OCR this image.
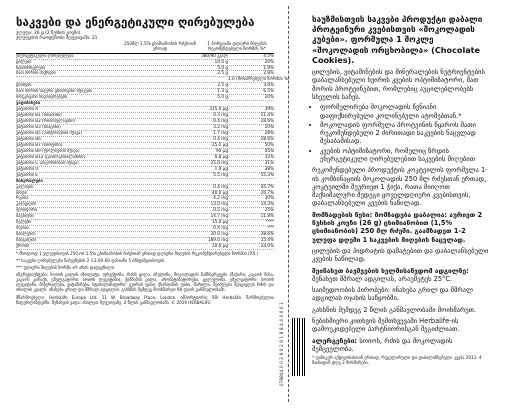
საკვები და ენერგეტიკული ღირებულება
ულუფა: 26 g (2 ნუსხის კოვზი)
ულუფების რაოდენობა შეფუთვაში: 21
250მლ 1.5% ცხიმიანობის რძესთან ერთად
1 პორციაში დღიური მიღების რეკომენდებული ნორმის %*
ენერგეტიკული ღირებულება	380/90 კკალ	4.5%
ცილები	10.0 g	20%
ნახშირწყლები	5.0 g	1.9%
მათ შორის შაქრები	2.5 g	2.8%
1.0 (მოსაზრებული ნორმის %)
ცხიმები	2.5 g	3.6%
მათ შორის ნაჯერი ცხიმოვანი მჟავები	1.3 g	6.5%
ბოჭკოვანი ნივთიერებები	5.0 g	20%
ვიტამინები
ვიტამინი A	315.0 μg	39%
ვიტამინი B1 (თიამინი)	0.3 mg	21.4%
ვიტამინი B2 (რიბოფლავინი)	0.4 mg	28.6%
ვიტამინი B3 (ნიაცინი)	3.2 mg	20%
ვიტამინი B5 (პანტოთენის მჟავა)	1.7 mg	28%
ვიტამინი B6	0.4 mg	28.6%
ვიტამინი B7 (ბიოტინი)	25.0 μg	50%
ვიტამინი B9 (ფოლიუმის მჟავა)	90 μg	45%
ვიტამინი B12 (ციანოკობალამინი)	0.8 μg	32%
ვიტამინი C (ასკორბინის მჟავა)	25.0 mg	31%
ვიტამინი D	1.9 μg	38%
ვიტამინი E	5.5 mg	55.3%
მინერალები
კალიუმი	0.4 mg	45.7%
იოდი	40.0 μg	26.7%
რკინა	4.2 mg	30%
კალციუმი	13.0 mg	14.3%
ფოსფორი	0.5 mg	25%
მაგნიუმი	14.7 mg	11.8%
სელენი	15.0 μg	****
თუთია	0.4 mg	***
სპილენძი	20.0 mg	28.6%
მანგანუმი	189.0 mg	15.4%
ქრომი	10.0 μg	24.0%
* მხოლოდ 1 ულუფისთვის 250 ml 1.5% ცხიმიანობის რძესთან ერთად დღიური მიღების რეკომენდირებული ნორმის (მ.ნ.)
** საკვები ღირებულება ნაჩვენების 2 ჰ.2.00-00 ფასიანი 5 ინსტანციისთვის.
*** დღიური მიღების ნორმა არ არის დადგენილი.
ინგრედიენტები: სოიოს ცილის იზოლატი, ფრუქტოზა, რძის ცილა, ინულინი, შოკოლადის ნამსხვრევები (შაქარი, კაკაოს მასა, კაკაოს კარაქი, ემულგატორი: სოიოს ლეციტინი), ქიშმიშის ცილა, არომატიზატორები, ცელულოზა, ემულგატორი: სოიოს ლეციტინი, მინერალები, ვიტამინები, სტაბილიზატორი: გუარის ფისი, ქსანთანის ფისი, მარილი. შეიძლება შეიცავდეს რძის და თხილის კვალს. ინახება გრილ და მშრალ ადგილას. გახსნის შემდეგ მოიხმარეთ 90 დღის განმავლობაში.
მწარმოებელი: Herbalife Europe Ltd, 11 W. Broadway Place, London. იმპორტიორი: შპს Herbalife. წარმოებულია ნიდერლანდებში. შენახვის ვადა: იხილეთ შეფუთვაზე. 2 წლის განმავლობაში. © 2019 HERBALIFE	078844 0 0 2 9 0 2 9 1 8 8 4 4 0 0 6 1
საუზმისთვის საკვები პროდუქტი დაბალი პროტეინური კვებისთვის «შოკოლადის კუბები». ფორმულა 1 მოკლე «შოკოლადის ორცხობილა» (Chocolate Cookies).
ცილების, ვიტამინების და მინერალების ნუტრიენტების დაბალანსებული ხეირის კვების ოპტიმიზატორი, მათ შორის პროტეინებით, რომლებიც აუცილებლობებს სხეულის საჩეს.
• ფორმულირება შოკოლადის წვნიანი დაფიქსირებული კოლინებული ატომებთან.*
• შოკოლადის ფორმულა პროტეინის წყაროს მათი რეკომენდებული 2 ძირითადი საკვების ნაცვლად შესაბამისად.
• კვების ოპტიმიზატორი, რომელიც ზრდის ენერგეტიკული ღირებულებით საკვების მიღებით
რეკომენდებული პროდუქტის კოკტეილის ფორმულა 1-ის კომბინაციის შოკოლადის 250 მლ რძესთან ერთად, კოკტეილში შეურიეთ 1 ჭიქა, რათა მიიღოთ მაქსიმალური შედეგი ყოველდღიური კვებისთვის, დაბალანსებული კვების ნაწილად.
მომზადების წესი: მომზადება დაბალია: აურიეთ 2 ნუსხის კოვზი (26 g) ცხიმიანობით (1,5% ცხიმიანობის) 250 მლ რძეში. გაამზადეთ 1-2 ულუფა დღეში 1 საკვების მიღების ნაცვლად.
ცილების და ჰიდრატის დამატებით და დაბალანსებული კვების ნაწილად.
შეინახეთ ბავშვების ხელმისაწვდომ ადგილზე: შენახეთ მშრალ ადგილას, არაუმეტეს 25°C.
საიმედოობის პირობები: ინახება გრილ და მშრალ ადგილას ოჯახის საწყობში.
გახსნის შემდეგ 2 წლის განმავლობაში მოიხმარეთ.
ნებისმიერი კითხვის შემთხვევაში Herbalife-ის დამოუკიდებელი პარტნიორისგან შეგიძლიათ.
ალერგენები: სოიოს, რძის და შოკოლადის შემცველობა.
* ფიზიკურ აქტივობასთან ერთად, რეგულარული და დაბალანსებული კვება 2011. 4 მაისიდან დღე 2 მოხმარება.
